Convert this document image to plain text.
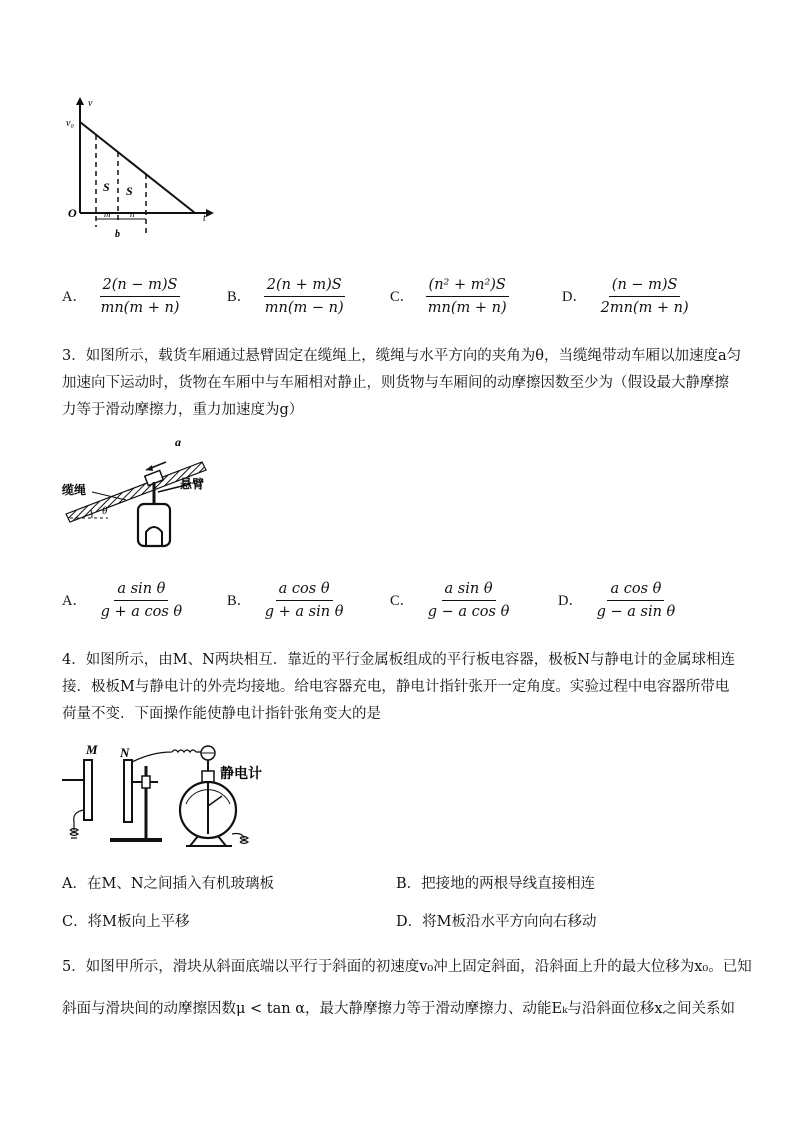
v
v₀
O	t
S S
m n
b
A． $\frac{2(n - m)S}{mn(m + n)}$	B． $\frac{2(n + m)S}{mn(m - n)}$	C． $\frac{\text{(n² + m²)S}}{mn(m + n)}$	D． $\frac{(n - m)S}{2mn(m + n)}$
3．如图所示，载货车厢通过悬臂固定在缆绳上，缆绳与水平方向的夹角为θ，当缆绳带动车厢以加速度a匀加速向下运动时，货物在车厢中与车厢相对静止，则货物与车厢间的动摩擦因数至少为（假设最大静摩擦力等于滑动摩擦力，重力加速度为g）
缆绳	悬臂
a
θ
A． $\frac{\text{a sin θ}}{\text{g + a cos θ}}$	B． $\frac{\text{a cos θ}}{\text{g + a sin θ}}$	C． $\frac{\text{a sin θ}}{\text{g − a cos θ}}$	D． $\frac{\text{a cos θ}}{\text{g − a sin θ}}$
4．如图所示，由M、N两块相互．靠近的平行金属板组成的平行板电容器，极板N与静电计的金属球相连接．极板M与静电计的外壳均接地。给电容器充电，静电计指针张开一定角度。实验过程中电容器所带电荷量不变．下面操作能使静电计指针张角变大的是
M N
静电计
A．在M、N之间插入有机玻璃板	B．把接地的两根导线直接相连
C．将M板向上平移	D．将M板沿水平方向向右移动
5．如图甲所示，滑块从斜面底端以平行于斜面的初速度v₀冲上固定斜面，沿斜面上升的最大位移为x₀。已知
斜面与滑块间的动摩擦因数μ < tan α，最大静摩擦力等于滑动摩擦力、动能Eₖ与沿斜面位移x之间关系如
